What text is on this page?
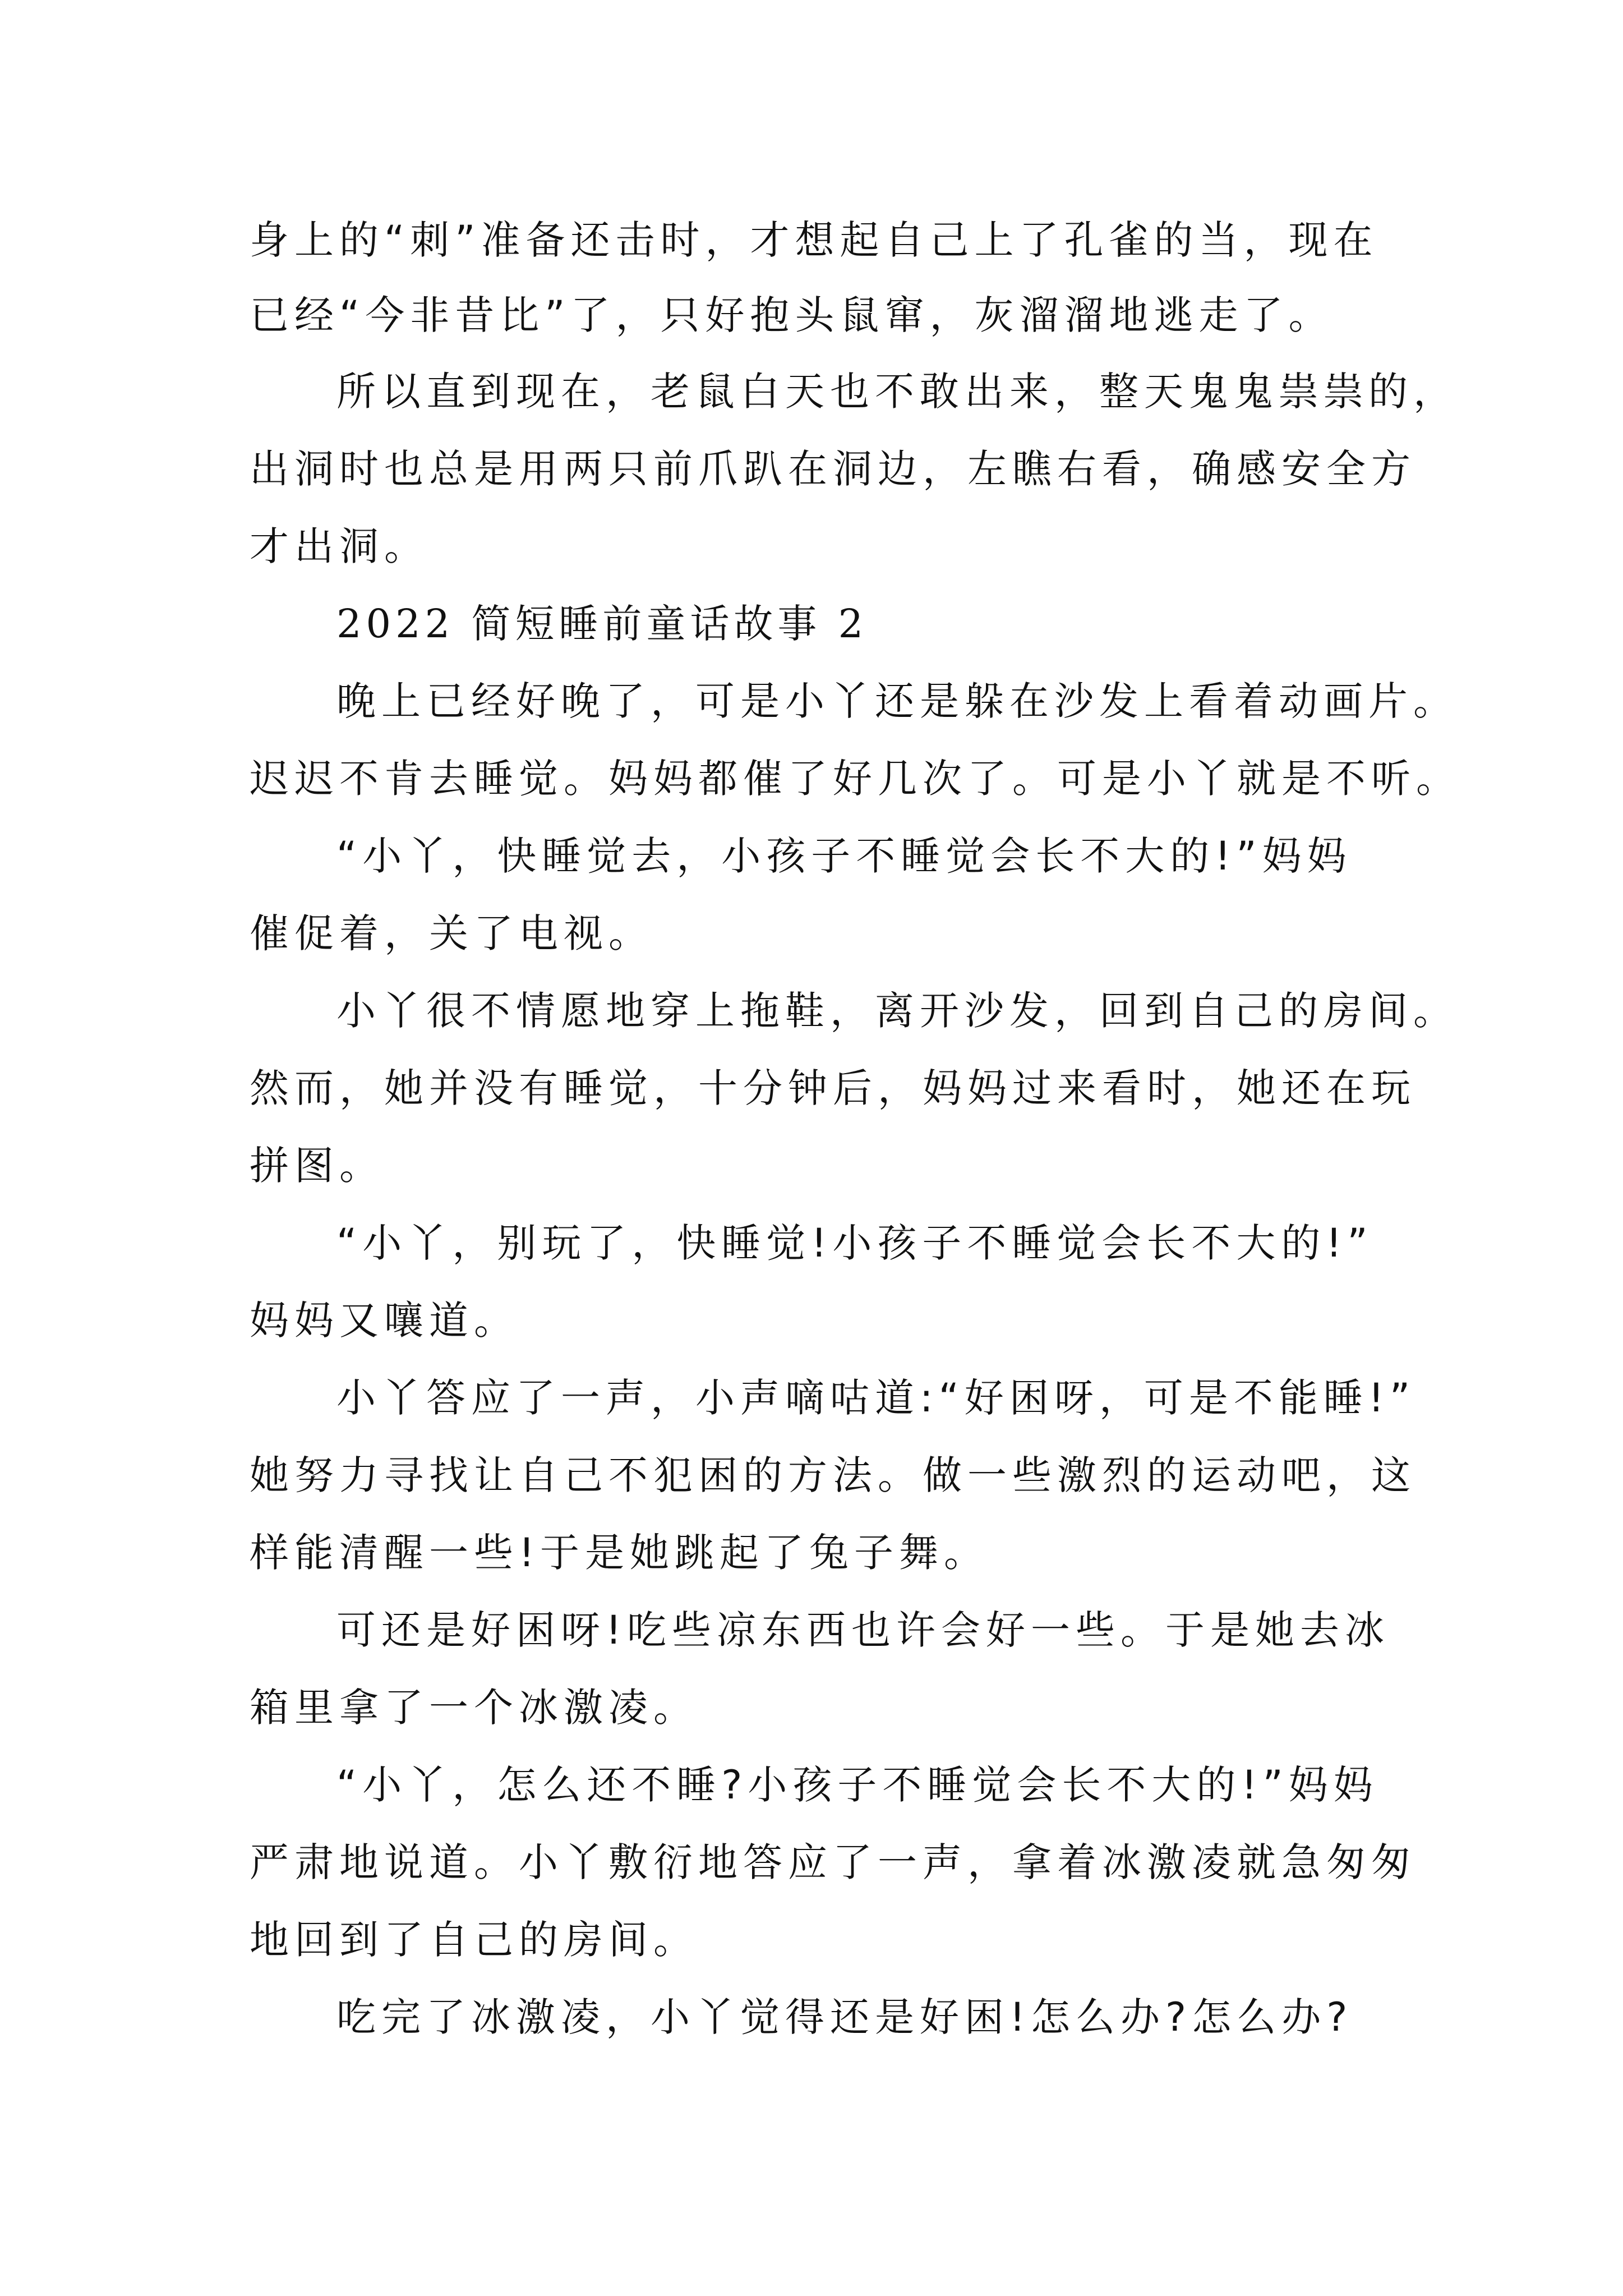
身上的“刺”准备还击时，才想起自己上了孔雀的当，现在
已经“今非昔比”了，只好抱头鼠窜，灰溜溜地逃走了。
所以直到现在，老鼠白天也不敢出来，整天鬼鬼祟祟的，
出洞时也总是用两只前爪趴在洞边，左瞧右看，确感安全方
才出洞。
2022 简短睡前童话故事 2
晚上已经好晚了，可是小丫还是躲在沙发上看着动画片。
迟迟不肯去睡觉。妈妈都催了好几次了。可是小丫就是不听。
“小丫，快睡觉去，小孩子不睡觉会长不大的!”妈妈
催促着，关了电视。
小丫很不情愿地穿上拖鞋，离开沙发，回到自己的房间。
然而，她并没有睡觉，十分钟后，妈妈过来看时，她还在玩
拼图。
“小丫，别玩了，快睡觉!小孩子不睡觉会长不大的!”
妈妈又嚷道。
小丫答应了一声，小声嘀咕道:“好困呀，可是不能睡!”
她努力寻找让自己不犯困的方法。做一些激烈的运动吧，这
样能清醒一些!于是她跳起了兔子舞。
可还是好困呀!吃些凉东西也许会好一些。于是她去冰
箱里拿了一个冰激凌。
“小丫，怎么还不睡?小孩子不睡觉会长不大的!”妈妈
严肃地说道。小丫敷衍地答应了一声，拿着冰激凌就急匆匆
地回到了自己的房间。
吃完了冰激凌，小丫觉得还是好困!怎么办?怎么办?
